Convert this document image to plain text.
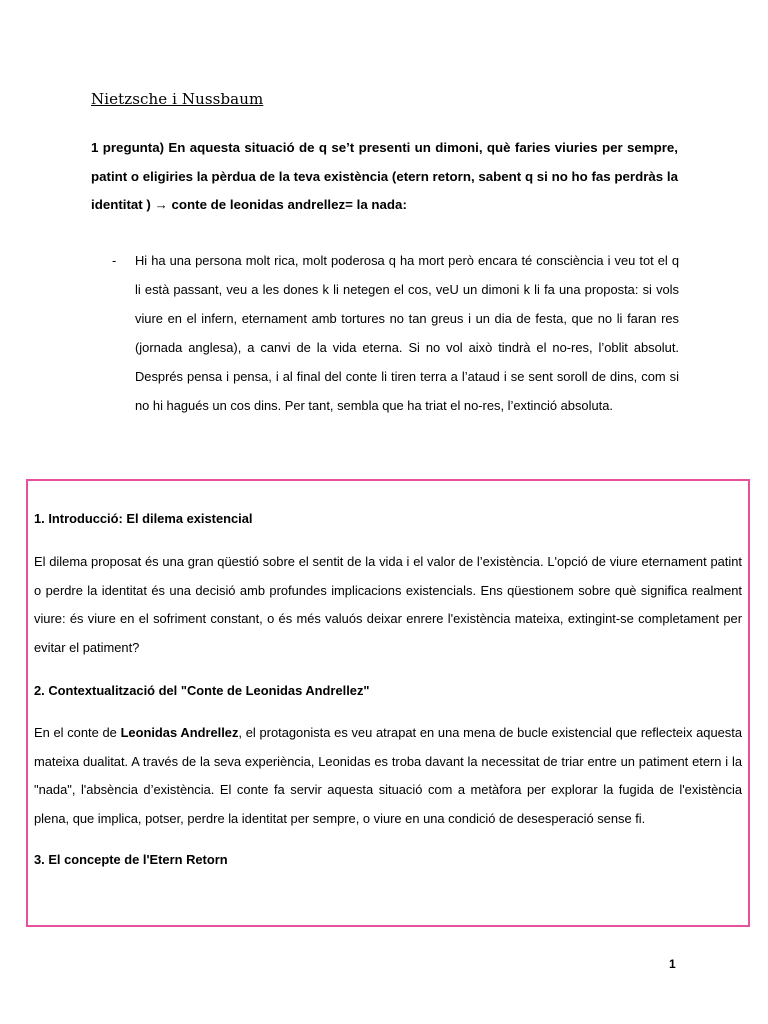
Nietzsche i Nussbaum

1 pregunta) En aquesta situació de q se’t presenti un dimoni, què faries viuries per sempre, patint o eligiries la pèrdua de la teva existència (etern retorn, sabent q si no ho fas perdràs la identitat ) → conte de leonidas andrellez= la nada:

- Hi ha una persona molt rica, molt poderosa q ha mort però encara té consciència i veu tot el q li està passant, veu a les dones k li netegen el cos, veU un dimoni k li fa una proposta: si vols viure en el infern, eternament amb tortures no tan greus i un dia de festa, que no li faran res (jornada anglesa), a canvi de la vida eterna. Si no vol això tindrà el no-res, l’oblit absolut. Després pensa i pensa, i al final del conte li tiren terra a l’ataud i se sent soroll de dins, com si no hi hagués un cos dins. Per tant, sembla que ha triat el no-res, l’extinció absoluta.
1. Introducció: El dilema existencial

El dilema proposat és una gran qüestió sobre el sentit de la vida i el valor de l’existència. L'opció de viure eternament patint o perdre la identitat és una decisió amb profundes implicacions existencials. Ens qüestionem sobre què significa realment viure: és viure en el sofriment constant, o és més valuós deixar enrere l'existència mateixa, extingint-se completament per evitar el patiment?

2. Contextualització del "Conte de Leonidas Andrellez"

En el conte de Leonidas Andrellez, el protagonista es veu atrapat en una mena de bucle existencial que reflecteix aquesta mateixa dualitat. A través de la seva experiència, Leonidas es troba davant la necessitat de triar entre un patiment etern i la "nada", l'absència d’existència. El conte fa servir aquesta situació com a metàfora per explorar la fugida de l'existència plena, que implica, potser, perdre la identitat per sempre, o viure en una condició de desesperació sense fi.

3. El concepte de l'Etern Retorn
1
